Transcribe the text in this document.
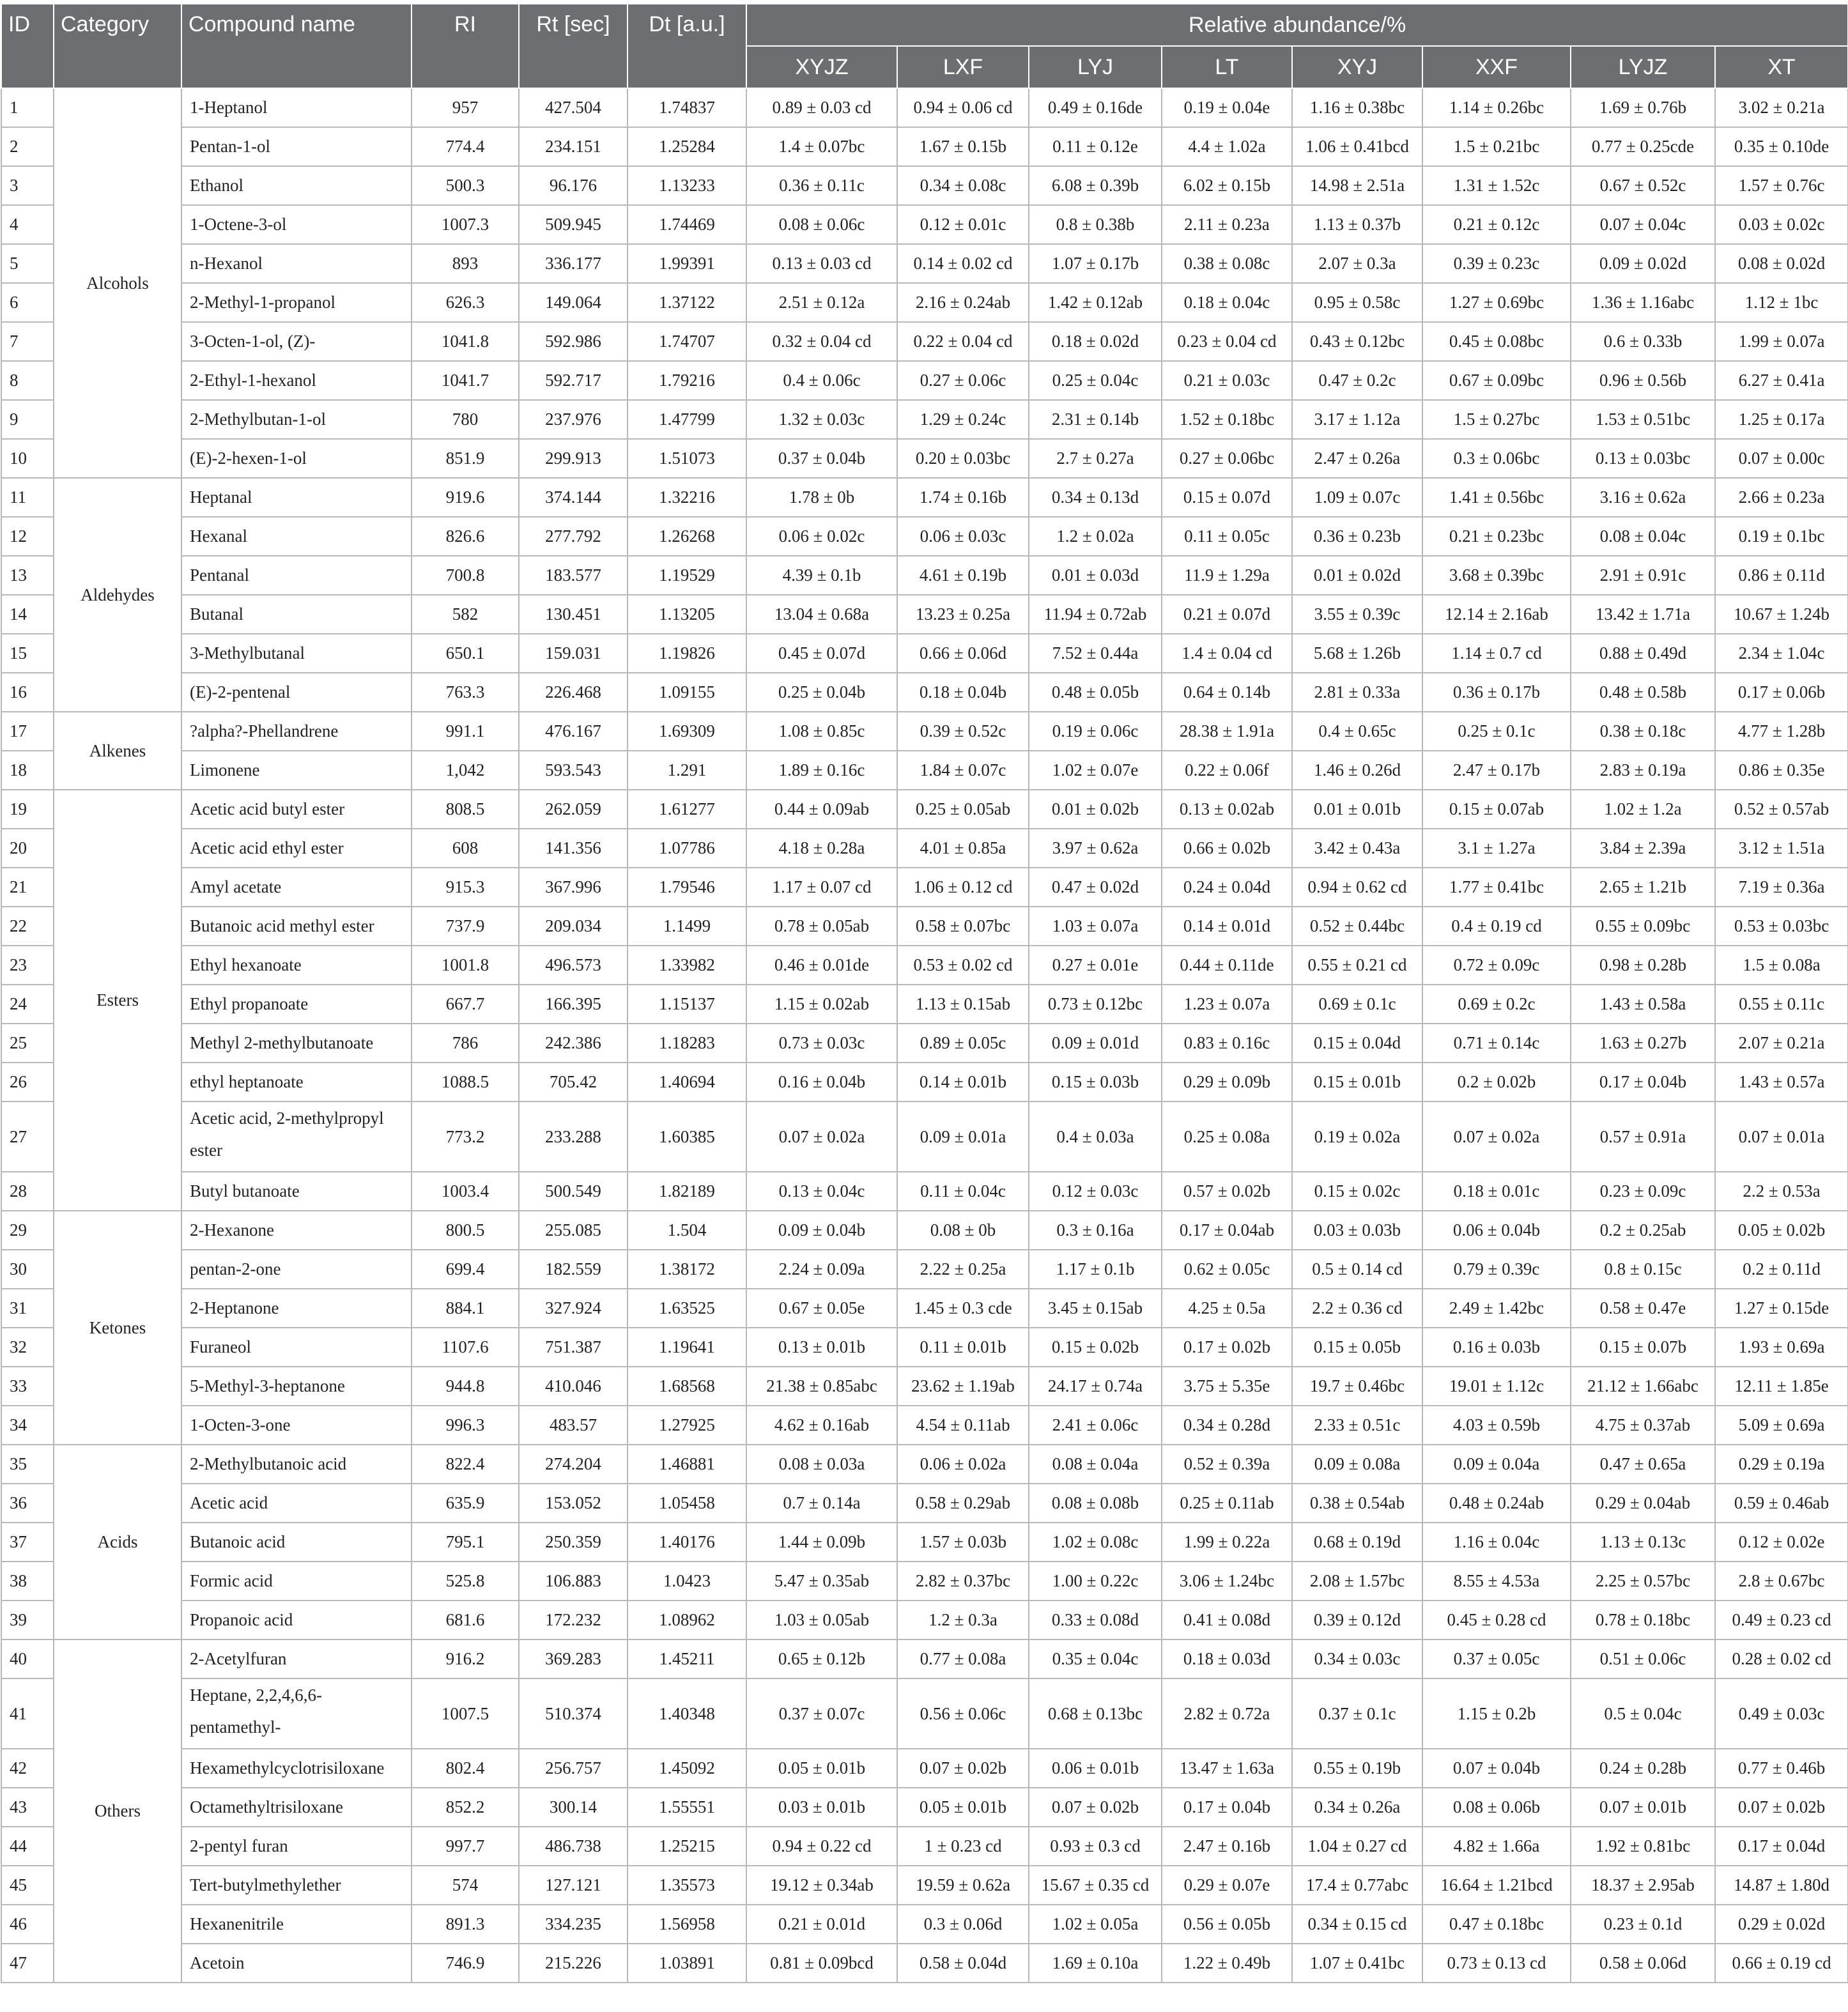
ID	Category	Compound name	RI	Rt [sec]	Dt [a.u.]	Relative abundance/%							
						XYJZ	LXF	LYJ	LT	XYJ	XXF	LYJZ	XT
1	Alcohols	1-Heptanol	957	427.504	1.74837	0.89 ± 0.03 cd	0.94 ± 0.06 cd	0.49 ± 0.16de	0.19 ± 0.04e	1.16 ± 0.38bc	1.14 ± 0.26bc	1.69 ± 0.76b	3.02 ± 0.21a
2		Pentan-1-ol	774.4	234.151	1.25284	1.4 ± 0.07bc	1.67 ± 0.15b	0.11 ± 0.12e	4.4 ± 1.02a	1.06 ± 0.41bcd	1.5 ± 0.21bc	0.77 ± 0.25cde	0.35 ± 0.10de
3		Ethanol	500.3	96.176	1.13233	0.36 ± 0.11c	0.34 ± 0.08c	6.08 ± 0.39b	6.02 ± 0.15b	14.98 ± 2.51a	1.31 ± 1.52c	0.67 ± 0.52c	1.57 ± 0.76c
4		1-Octene-3-ol	1007.3	509.945	1.74469	0.08 ± 0.06c	0.12 ± 0.01c	0.8 ± 0.38b	2.11 ± 0.23a	1.13 ± 0.37b	0.21 ± 0.12c	0.07 ± 0.04c	0.03 ± 0.02c
5		n-Hexanol	893	336.177	1.99391	0.13 ± 0.03 cd	0.14 ± 0.02 cd	1.07 ± 0.17b	0.38 ± 0.08c	2.07 ± 0.3a	0.39 ± 0.23c	0.09 ± 0.02d	0.08 ± 0.02d
6		2-Methyl-1-propanol	626.3	149.064	1.37122	2.51 ± 0.12a	2.16 ± 0.24ab	1.42 ± 0.12ab	0.18 ± 0.04c	0.95 ± 0.58c	1.27 ± 0.69bc	1.36 ± 1.16abc	1.12 ± 1bc
7		3-Octen-1-ol, (Z)-	1041.8	592.986	1.74707	0.32 ± 0.04 cd	0.22 ± 0.04 cd	0.18 ± 0.02d	0.23 ± 0.04 cd	0.43 ± 0.12bc	0.45 ± 0.08bc	0.6 ± 0.33b	1.99 ± 0.07a
8		2-Ethyl-1-hexanol	1041.7	592.717	1.79216	0.4 ± 0.06c	0.27 ± 0.06c	0.25 ± 0.04c	0.21 ± 0.03c	0.47 ± 0.2c	0.67 ± 0.09bc	0.96 ± 0.56b	6.27 ± 0.41a
9		2-Methylbutan-1-ol	780	237.976	1.47799	1.32 ± 0.03c	1.29 ± 0.24c	2.31 ± 0.14b	1.52 ± 0.18bc	3.17 ± 1.12a	1.5 ± 0.27bc	1.53 ± 0.51bc	1.25 ± 0.17a
10		(E)-2-hexen-1-ol	851.9	299.913	1.51073	0.37 ± 0.04b	0.20 ± 0.03bc	2.7 ± 0.27a	0.27 ± 0.06bc	2.47 ± 0.26a	0.3 ± 0.06bc	0.13 ± 0.03bc	0.07 ± 0.00c
11	Aldehydes	Heptanal	919.6	374.144	1.32216	1.78 ± 0b	1.74 ± 0.16b	0.34 ± 0.13d	0.15 ± 0.07d	1.09 ± 0.07c	1.41 ± 0.56bc	3.16 ± 0.62a	2.66 ± 0.23a
12		Hexanal	826.6	277.792	1.26268	0.06 ± 0.02c	0.06 ± 0.03c	1.2 ± 0.02a	0.11 ± 0.05c	0.36 ± 0.23b	0.21 ± 0.23bc	0.08 ± 0.04c	0.19 ± 0.1bc
13		Pentanal	700.8	183.577	1.19529	4.39 ± 0.1b	4.61 ± 0.19b	0.01 ± 0.03d	11.9 ± 1.29a	0.01 ± 0.02d	3.68 ± 0.39bc	2.91 ± 0.91c	0.86 ± 0.11d
14		Butanal	582	130.451	1.13205	13.04 ± 0.68a	13.23 ± 0.25a	11.94 ± 0.72ab	0.21 ± 0.07d	3.55 ± 0.39c	12.14 ± 2.16ab	13.42 ± 1.71a	10.67 ± 1.24b
15		3-Methylbutanal	650.1	159.031	1.19826	0.45 ± 0.07d	0.66 ± 0.06d	7.52 ± 0.44a	1.4 ± 0.04 cd	5.68 ± 1.26b	1.14 ± 0.7 cd	0.88 ± 0.49d	2.34 ± 1.04c
16		(E)-2-pentenal	763.3	226.468	1.09155	0.25 ± 0.04b	0.18 ± 0.04b	0.48 ± 0.05b	0.64 ± 0.14b	2.81 ± 0.33a	0.36 ± 0.17b	0.48 ± 0.58b	0.17 ± 0.06b
17	Alkenes	?alpha?-Phellandrene	991.1	476.167	1.69309	1.08 ± 0.85c	0.39 ± 0.52c	0.19 ± 0.06c	28.38 ± 1.91a	0.4 ± 0.65c	0.25 ± 0.1c	0.38 ± 0.18c	4.77 ± 1.28b
18		Limonene	1,042	593.543	1.291	1.89 ± 0.16c	1.84 ± 0.07c	1.02 ± 0.07e	0.22 ± 0.06f	1.46 ± 0.26d	2.47 ± 0.17b	2.83 ± 0.19a	0.86 ± 0.35e
19	Esters	Acetic acid butyl ester	808.5	262.059	1.61277	0.44 ± 0.09ab	0.25 ± 0.05ab	0.01 ± 0.02b	0.13 ± 0.02ab	0.01 ± 0.01b	0.15 ± 0.07ab	1.02 ± 1.2a	0.52 ± 0.57ab
20		Acetic acid ethyl ester	608	141.356	1.07786	4.18 ± 0.28a	4.01 ± 0.85a	3.97 ± 0.62a	0.66 ± 0.02b	3.42 ± 0.43a	3.1 ± 1.27a	3.84 ± 2.39a	3.12 ± 1.51a
21		Amyl acetate	915.3	367.996	1.79546	1.17 ± 0.07 cd	1.06 ± 0.12 cd	0.47 ± 0.02d	0.24 ± 0.04d	0.94 ± 0.62 cd	1.77 ± 0.41bc	2.65 ± 1.21b	7.19 ± 0.36a
22		Butanoic acid methyl ester	737.9	209.034	1.1499	0.78 ± 0.05ab	0.58 ± 0.07bc	1.03 ± 0.07a	0.14 ± 0.01d	0.52 ± 0.44bc	0.4 ± 0.19 cd	0.55 ± 0.09bc	0.53 ± 0.03bc
23		Ethyl hexanoate	1001.8	496.573	1.33982	0.46 ± 0.01de	0.53 ± 0.02 cd	0.27 ± 0.01e	0.44 ± 0.11de	0.55 ± 0.21 cd	0.72 ± 0.09c	0.98 ± 0.28b	1.5 ± 0.08a
24		Ethyl propanoate	667.7	166.395	1.15137	1.15 ± 0.02ab	1.13 ± 0.15ab	0.73 ± 0.12bc	1.23 ± 0.07a	0.69 ± 0.1c	0.69 ± 0.2c	1.43 ± 0.58a	0.55 ± 0.11c
25		Methyl 2-methylbutanoate	786	242.386	1.18283	0.73 ± 0.03c	0.89 ± 0.05c	0.09 ± 0.01d	0.83 ± 0.16c	0.15 ± 0.04d	0.71 ± 0.14c	1.63 ± 0.27b	2.07 ± 0.21a
26		ethyl heptanoate	1088.5	705.42	1.40694	0.16 ± 0.04b	0.14 ± 0.01b	0.15 ± 0.03b	0.29 ± 0.09b	0.15 ± 0.01b	0.2 ± 0.02b	0.17 ± 0.04b	1.43 ± 0.57a
27		Acetic acid, 2-methylpropyl ester	773.2	233.288	1.60385	0.07 ± 0.02a	0.09 ± 0.01a	0.4 ± 0.03a	0.25 ± 0.08a	0.19 ± 0.02a	0.07 ± 0.02a	0.57 ± 0.91a	0.07 ± 0.01a
28		Butyl butanoate	1003.4	500.549	1.82189	0.13 ± 0.04c	0.11 ± 0.04c	0.12 ± 0.03c	0.57 ± 0.02b	0.15 ± 0.02c	0.18 ± 0.01c	0.23 ± 0.09c	2.2 ± 0.53a
29	Ketones	2-Hexanone	800.5	255.085	1.504	0.09 ± 0.04b	0.08 ± 0b	0.3 ± 0.16a	0.17 ± 0.04ab	0.03 ± 0.03b	0.06 ± 0.04b	0.2 ± 0.25ab	0.05 ± 0.02b
30		pentan-2-one	699.4	182.559	1.38172	2.24 ± 0.09a	2.22 ± 0.25a	1.17 ± 0.1b	0.62 ± 0.05c	0.5 ± 0.14 cd	0.79 ± 0.39c	0.8 ± 0.15c	0.2 ± 0.11d
31		2-Heptanone	884.1	327.924	1.63525	0.67 ± 0.05e	1.45 ± 0.3 cde	3.45 ± 0.15ab	4.25 ± 0.5a	2.2 ± 0.36 cd	2.49 ± 1.42bc	0.58 ± 0.47e	1.27 ± 0.15de
32		Furaneol	1107.6	751.387	1.19641	0.13 ± 0.01b	0.11 ± 0.01b	0.15 ± 0.02b	0.17 ± 0.02b	0.15 ± 0.05b	0.16 ± 0.03b	0.15 ± 0.07b	1.93 ± 0.69a
33		5-Methyl-3-heptanone	944.8	410.046	1.68568	21.38 ± 0.85abc	23.62 ± 1.19ab	24.17 ± 0.74a	3.75 ± 5.35e	19.7 ± 0.46bc	19.01 ± 1.12c	21.12 ± 1.66abc	12.11 ± 1.85e
34		1-Octen-3-one	996.3	483.57	1.27925	4.62 ± 0.16ab	4.54 ± 0.11ab	2.41 ± 0.06c	0.34 ± 0.28d	2.33 ± 0.51c	4.03 ± 0.59b	4.75 ± 0.37ab	5.09 ± 0.69a
35	Acids	2-Methylbutanoic acid	822.4	274.204	1.46881	0.08 ± 0.03a	0.06 ± 0.02a	0.08 ± 0.04a	0.52 ± 0.39a	0.09 ± 0.08a	0.09 ± 0.04a	0.47 ± 0.65a	0.29 ± 0.19a
36		Acetic acid	635.9	153.052	1.05458	0.7 ± 0.14a	0.58 ± 0.29ab	0.08 ± 0.08b	0.25 ± 0.11ab	0.38 ± 0.54ab	0.48 ± 0.24ab	0.29 ± 0.04ab	0.59 ± 0.46ab
37		Butanoic acid	795.1	250.359	1.40176	1.44 ± 0.09b	1.57 ± 0.03b	1.02 ± 0.08c	1.99 ± 0.22a	0.68 ± 0.19d	1.16 ± 0.04c	1.13 ± 0.13c	0.12 ± 0.02e
38		Formic acid	525.8	106.883	1.0423	5.47 ± 0.35ab	2.82 ± 0.37bc	1.00 ± 0.22c	3.06 ± 1.24bc	2.08 ± 1.57bc	8.55 ± 4.53a	2.25 ± 0.57bc	2.8 ± 0.67bc
39		Propanoic acid	681.6	172.232	1.08962	1.03 ± 0.05ab	1.2 ± 0.3a	0.33 ± 0.08d	0.41 ± 0.08d	0.39 ± 0.12d	0.45 ± 0.28 cd	0.78 ± 0.18bc	0.49 ± 0.23 cd
40	Others	2-Acetylfuran	916.2	369.283	1.45211	0.65 ± 0.12b	0.77 ± 0.08a	0.35 ± 0.04c	0.18 ± 0.03d	0.34 ± 0.03c	0.37 ± 0.05c	0.51 ± 0.06c	0.28 ± 0.02 cd
41		Heptane, 2,2,4,6,6-pentamethyl-	1007.5	510.374	1.40348	0.37 ± 0.07c	0.56 ± 0.06c	0.68 ± 0.13bc	2.82 ± 0.72a	0.37 ± 0.1c	1.15 ± 0.2b	0.5 ± 0.04c	0.49 ± 0.03c
42		Hexamethylcyclotrisiloxane	802.4	256.757	1.45092	0.05 ± 0.01b	0.07 ± 0.02b	0.06 ± 0.01b	13.47 ± 1.63a	0.55 ± 0.19b	0.07 ± 0.04b	0.24 ± 0.28b	0.77 ± 0.46b
43		Octamethyltrisiloxane	852.2	300.14	1.55551	0.03 ± 0.01b	0.05 ± 0.01b	0.07 ± 0.02b	0.17 ± 0.04b	0.34 ± 0.26a	0.08 ± 0.06b	0.07 ± 0.01b	0.07 ± 0.02b
44		2-pentyl furan	997.7	486.738	1.25215	0.94 ± 0.22 cd	1 ± 0.23 cd	0.93 ± 0.3 cd	2.47 ± 0.16b	1.04 ± 0.27 cd	4.82 ± 1.66a	1.92 ± 0.81bc	0.17 ± 0.04d
45		Tert-butylmethylether	574	127.121	1.35573	19.12 ± 0.34ab	19.59 ± 0.62a	15.67 ± 0.35 cd	0.29 ± 0.07e	17.4 ± 0.77abc	16.64 ± 1.21bcd	18.37 ± 2.95ab	14.87 ± 1.80d
46		Hexanenitrile	891.3	334.235	1.56958	0.21 ± 0.01d	0.3 ± 0.06d	1.02 ± 0.05a	0.56 ± 0.05b	0.34 ± 0.15 cd	0.47 ± 0.18bc	0.23 ± 0.1d	0.29 ± 0.02d
47		Acetoin	746.9	215.226	1.03891	0.81 ± 0.09bcd	0.58 ± 0.04d	1.69 ± 0.10a	1.22 ± 0.49b	1.07 ± 0.41bc	0.73 ± 0.13 cd	0.58 ± 0.06d	0.66 ± 0.19 cd
